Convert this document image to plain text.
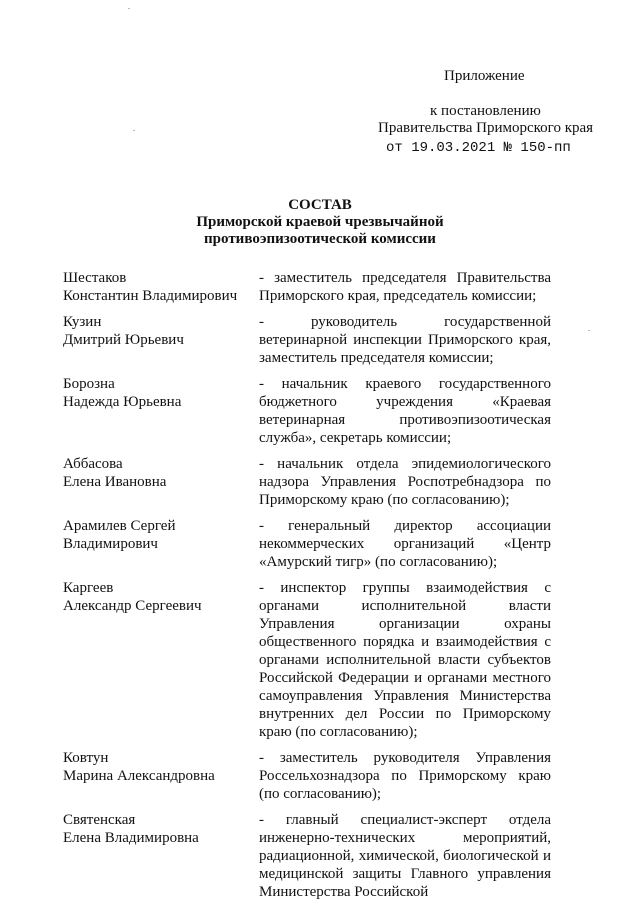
Приложение
к постановлению
Правительства Приморского края
от 19.03.2021 № 150-пп
СОСТАВ
Приморской краевой чрезвычайной
противоэпизоотической комиссии
Шестаков
Константин Владимирович
- заместитель председателя Правительства Приморского края, председатель комиссии;
Кузин
Дмитрий Юрьевич
- руководитель государственной ветеринарной инспекции Приморского края, заместитель председателя комиссии;
Борозна
Надежда Юрьевна
- начальник краевого государственного бюджетного учреждения «Краевая ветеринарная противоэпизоотическая служба», секретарь комиссии;
Аббасова
Елена Ивановна
- начальник отдела эпидемиологического надзора Управления Роспотребнадзора по Приморскому краю (по согласованию);
Арамилев Сергей
Владимирович
- генеральный директор ассоциации некоммерческих организаций «Центр «Амурский тигр» (по согласованию);
Каргеев
Александр Сергеевич
- инспектор группы взаимодействия с органами исполнительной власти Управления организации охраны общественного порядка и взаимодействия с органами исполнительной власти субъектов Российской Федерации и органами местного самоуправления Управления Министерства внутренних дел России по Приморскому краю (по согласованию);
Ковтун
Марина Александровна
- заместитель руководителя Управления Россельхознадзора по Приморскому краю (по согласованию);
Святенская
Елена Владимировна
- главный специалист-эксперт отдела инженерно-технических мероприятий, радиационной, химической, биологической и медицинской защиты Главного управления Министерства Российской
